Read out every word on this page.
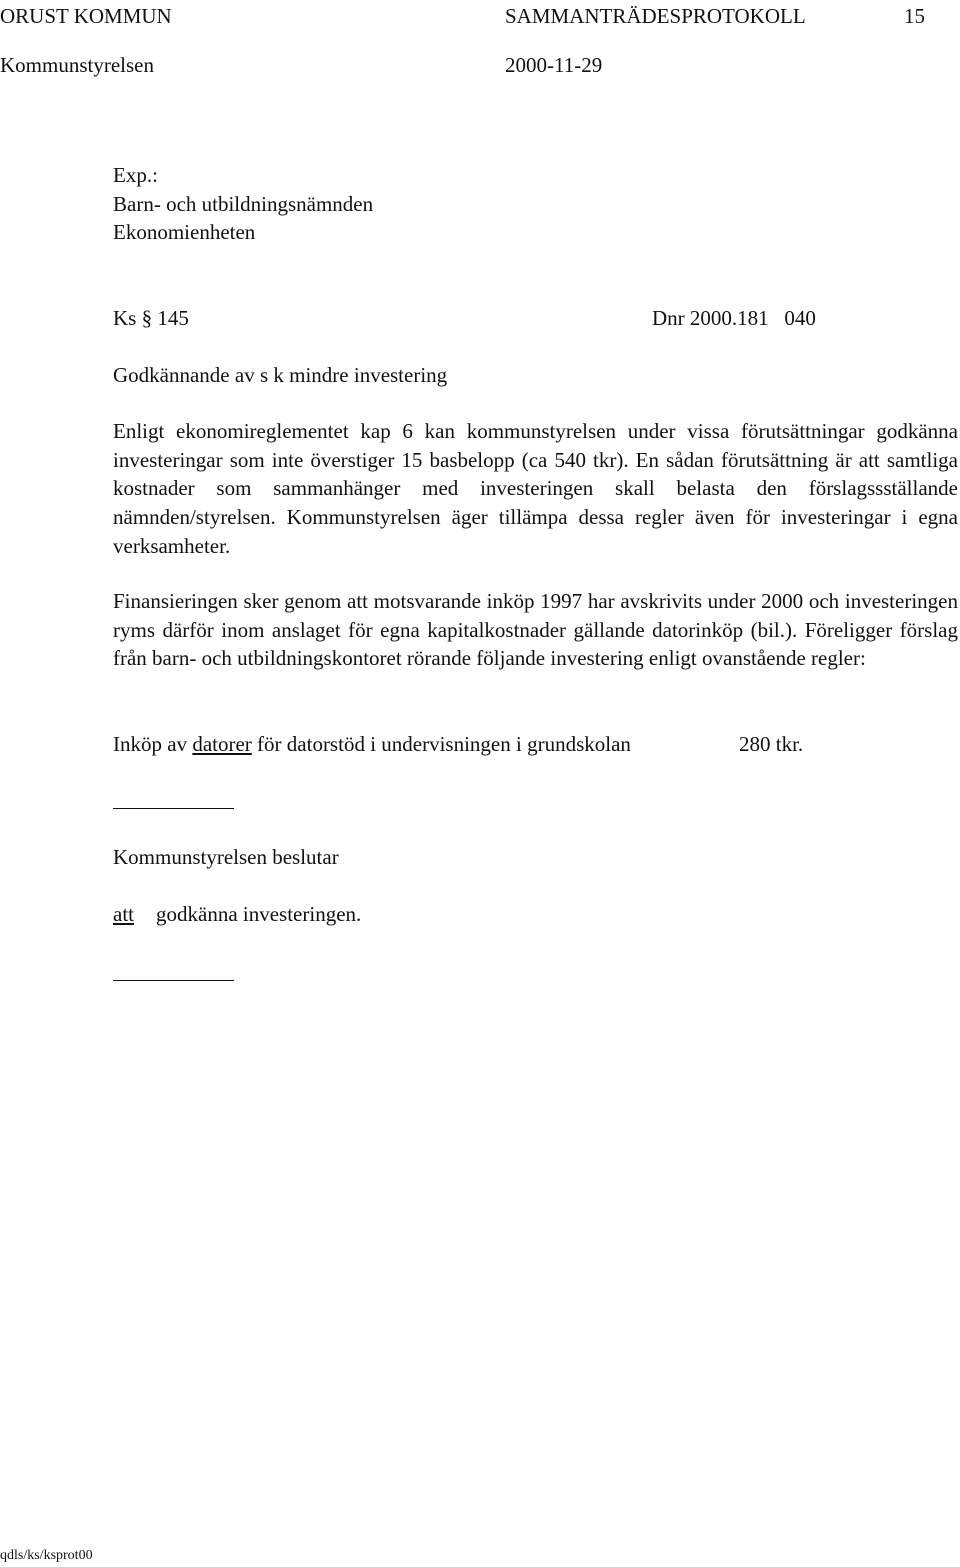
ORUST KOMMUN	SAMMANTRÄDESPROTOKOLL	15
Kommunstyrelsen	2000-11-29
Exp.:
Barn- och utbildningsnämnden
Ekonomienheten
Ks § 145	Dnr 2000.181   040
Godkännande av s k mindre investering
Enligt ekonomireglementet kap 6 kan kommunstyrelsen under vissa förutsättningar godkänna investeringar som inte överstiger 15 basbelopp (ca 540 tkr). En sådan förutsättning är att samtliga kostnader som sammanhänger med investeringen skall belasta den förslagssställande nämnden/styrelsen. Kommunstyrelsen äger tillämpa dessa regler även för investeringar i egna verksamheter.
Finansieringen sker genom att motsvarande inköp 1997 har avskrivits under 2000 och investeringen ryms därför inom anslaget för egna kapitalkostnader gällande datorinköp (bil.). Föreligger förslag från barn- och utbildningskontoret rörande följande investering enligt ovanstående regler:
Inköp av datorer för datorstöd i undervisningen i grundskolan	280 tkr.
Kommunstyrelsen beslutar
att godkänna investeringen.
qdls/ks/ksprot00
